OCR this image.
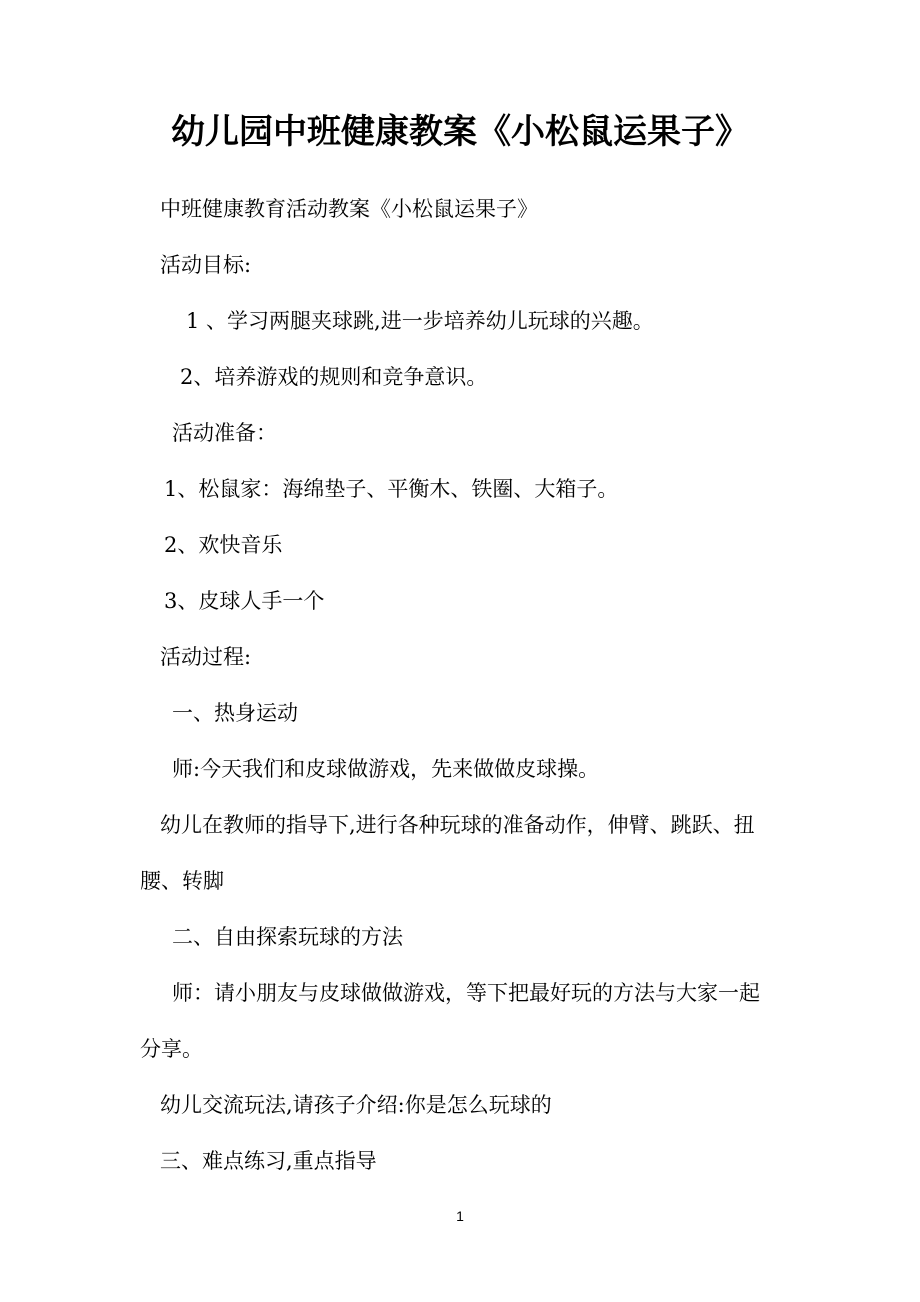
幼儿园中班健康教案《小松鼠运果子》

中班健康教育活动教案《小松鼠运果子》

活动目标:

1 、学习两腿夹球跳,进一步培养幼儿玩球的兴趣。

2、培养游戏的规则和竞争意识。

活动准备：

1、松鼠家：海绵垫子、平衡木、铁圈、大箱子。

2、欢快音乐

3、皮球人手一个

活动过程:

一、热身运动

师:今天我们和皮球做游戏，先来做做皮球操。

幼儿在教师的指导下,进行各种玩球的准备动作，伸臂、跳跃、扭

腰、转脚

二、自由探索玩球的方法

师：请小朋友与皮球做做游戏，等下把最好玩的方法与大家一起

分享。

幼儿交流玩法,请孩子介绍:你是怎么玩球的

三、难点练习,重点指导

1
